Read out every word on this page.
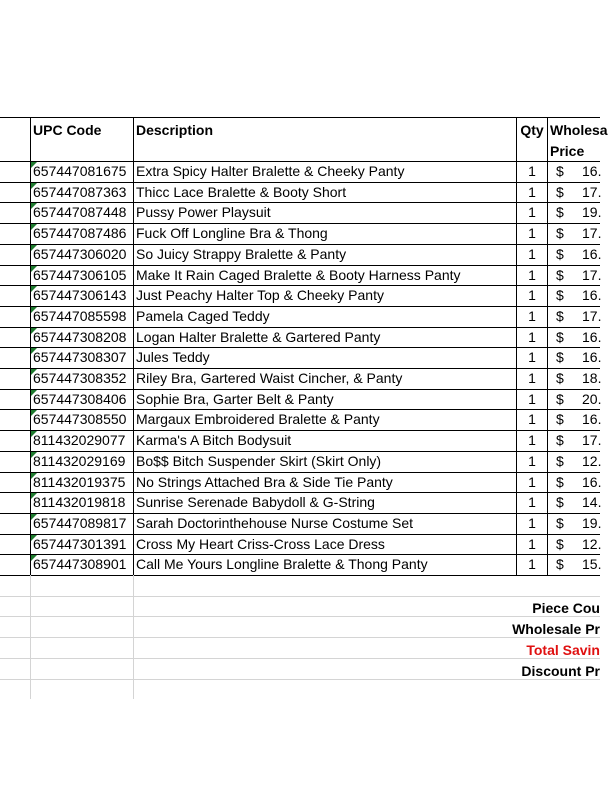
UPC Code	Description	Qty Wholesa
Price
657447081675 Extra Spicy Halter Bralette & Cheeky Panty	1	$	16.
657447087363 Thicc Lace Bralette & Booty Short	1	$	17.
657447087448 Pussy Power Playsuit	1	$	19.
657447087486 Fuck Off Longline Bra & Thong	1	$	17.
657447306020 So Juicy Strappy Bralette & Panty	1	$	16.
657447306105 Make It Rain Caged Bralette & Booty Harness Panty	1	$	17.
657447306143 Just Peachy Halter Top & Cheeky Panty	1	$	16.
657447085598 Pamela Caged Teddy	1	$	17.
657447308208 Logan Halter Bralette & Gartered Panty	1	$	16.
657447308307 Jules Teddy	1	$	16.
657447308352 Riley Bra, Gartered Waist Cincher, & Panty	1	$	18.
657447308406 Sophie Bra, Garter Belt & Panty	1	$	20.
657447308550 Margaux Embroidered Bralette & Panty	1	$	16.
811432029077 Karma's A Bitch Bodysuit	1	$	17.
811432029169 Bo$$ Bitch Suspender Skirt (Skirt Only)	1	$	12.
811432019375 No Strings Attached Bra & Side Tie Panty	1	$	16.
811432019818 Sunrise Serenade Babydoll & G-String	1	$	14.
657447089817 Sarah Doctorinthehouse Nurse Costume Set	1	$	19.
657447301391 Cross My Heart Criss-Cross Lace Dress	1	$	12.
657447308901 Call Me Yours Longline Bralette & Thong Panty	1	$	15.
Piece Cou
Wholesale Pr
Total Savin
Discount Pr
